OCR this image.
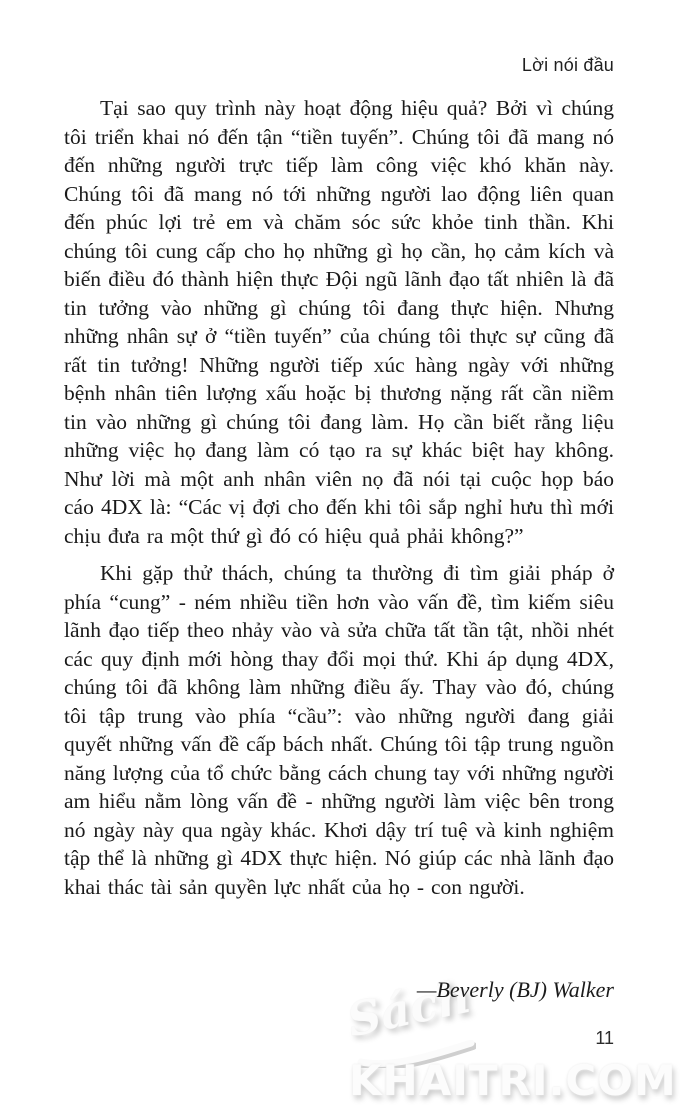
Lời nói đầu

Tại sao quy trình này hoạt động hiệu quả? Bởi vì chúng tôi triển khai nó đến tận “tiền tuyến”. Chúng tôi đã mang nó đến những người trực tiếp làm công việc khó khăn này. Chúng tôi đã mang nó tới những người lao động liên quan đến phúc lợi trẻ em và chăm sóc sức khỏe tinh thần. Khi chúng tôi cung cấp cho họ những gì họ cần, họ cảm kích và biến điều đó thành hiện thực Đội ngũ lãnh đạo tất nhiên là đã tin tưởng vào những gì chúng tôi đang thực hiện. Nhưng những nhân sự ở “tiền tuyến” của chúng tôi thực sự cũng đã rất tin tưởng! Những người tiếp xúc hàng ngày với những bệnh nhân tiên lượng xấu hoặc bị thương nặng rất cần niềm tin vào những gì chúng tôi đang làm. Họ cần biết rằng liệu những việc họ đang làm có tạo ra sự khác biệt hay không. Như lời mà một anh nhân viên nọ đã nói tại cuộc họp báo cáo 4DX là: “Các vị đợi cho đến khi tôi sắp nghỉ hưu thì mới chịu đưa ra một thứ gì đó có hiệu quả phải không?”

Khi gặp thử thách, chúng ta thường đi tìm giải pháp ở phía “cung” - ném nhiều tiền hơn vào vấn đề, tìm kiếm siêu lãnh đạo tiếp theo nhảy vào và sửa chữa tất tần tật, nhồi nhét các quy định mới hòng thay đổi mọi thứ. Khi áp dụng 4DX, chúng tôi đã không làm những điều ấy. Thay vào đó, chúng tôi tập trung vào phía “cầu”: vào những người đang giải quyết những vấn đề cấp bách nhất. Chúng tôi tập trung nguồn năng lượng của tổ chức bằng cách chung tay với những người am hiểu nằm lòng vấn đề - những người làm việc bên trong nó ngày này qua ngày khác. Khơi dậy trí tuệ và kinh nghiệm tập thể là những gì 4DX thực hiện. Nó giúp các nhà lãnh đạo khai thác tài sản quyền lực nhất của họ - con người.

—Beverly (BJ) Walker
Sách
KHAITRI.COM
11
